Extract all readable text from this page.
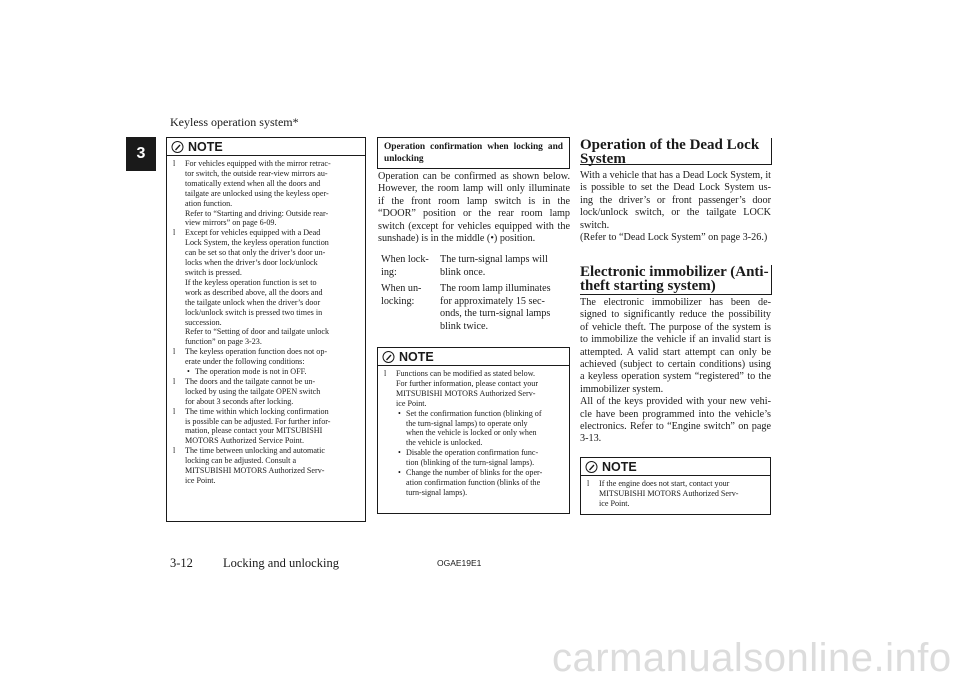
Keyless operation system*
3	NOTE
l For vehicles equipped with the mirror retrac-
tor switch, the outside rear-view mirrors au-
tomatically extend when all the doors and
tailgate are unlocked using the keyless oper-
ation function.
Refer to “Starting and driving: Outside rear-
view mirrors” on page 6-09.
l Except for vehicles equipped with a Dead
Lock System, the keyless operation function
can be set so that only the driver’s door un-
locks when the driver’s door lock/unlock
switch is pressed.
If the keyless operation function is set to
work as described above, all the doors and
the tailgate unlock when the driver’s door
lock/unlock switch is pressed two times in
succession.
Refer to “Setting of door and tailgate unlock
function” on page 3-23.
l The keyless operation function does not op-
erate under the following conditions:
• The operation mode is not in OFF.
l The doors and the tailgate cannot be un-
locked by using the tailgate OPEN switch
for about 3 seconds after locking.
l The time within which locking confirmation
is possible can be adjusted. For further infor-
mation, please contact your MITSUBISHI
MOTORS Authorized Service Point.
l The time between unlocking and automatic
locking can be adjusted. Consult a
MITSUBISHI MOTORS Authorized Serv-
ice Point.
Operation confirmation when locking and unlocking
Operation can be confirmed as shown below. However, the room lamp will only illuminate if the front room lamp switch is in the “DOOR” position or the rear room lamp switch (except for vehicles equipped with the sunshade) is in the middle (•) position.
When lock-
ing:
The turn-signal lamps will
blink once.
When un-
locking:
The room lamp illuminates
for approximately 15 sec-
onds, the turn-signal lamps
blink twice.
NOTE
l Functions can be modified as stated below.
For further information, please contact your
MITSUBISHI MOTORS Authorized Serv-
ice Point.
• Set the confirmation function (blinking of
the turn-signal lamps) to operate only
when the vehicle is locked or only when
the vehicle is unlocked.
• Disable the operation confirmation func-
tion (blinking of the turn-signal lamps).
• Change the number of blinks for the oper-
ation confirmation function (blinks of the
turn-signal lamps).
Operation of the Dead Lock
System
With a vehicle that has a Dead Lock System, it is possible to set the Dead Lock System us- ing the driver’s or front passenger’s door lock/unlock switch, or the tailgate LOCK switch.
(Refer to “Dead Lock System” on page 3-26.)
Electronic immobilizer (Anti-
theft starting system)
The electronic immobilizer has been de- signed to significantly reduce the possibility of vehicle theft. The purpose of the system is to immobilize the vehicle if an invalid start is attempted. A valid start attempt can only be achieved (subject to certain conditions) using a keyless operation system “registered” to the immobilizer system.
All of the keys provided with your new vehi- cle have been programmed into the vehicle’s electronics. Refer to “Engine switch” on page 3-13.
NOTE
l If the engine does not start, contact your
MITSUBISHI MOTORS Authorized Serv-
ice Point.
3-12 Locking and unlocking	OGAE19E1
carmanualsonline.info
